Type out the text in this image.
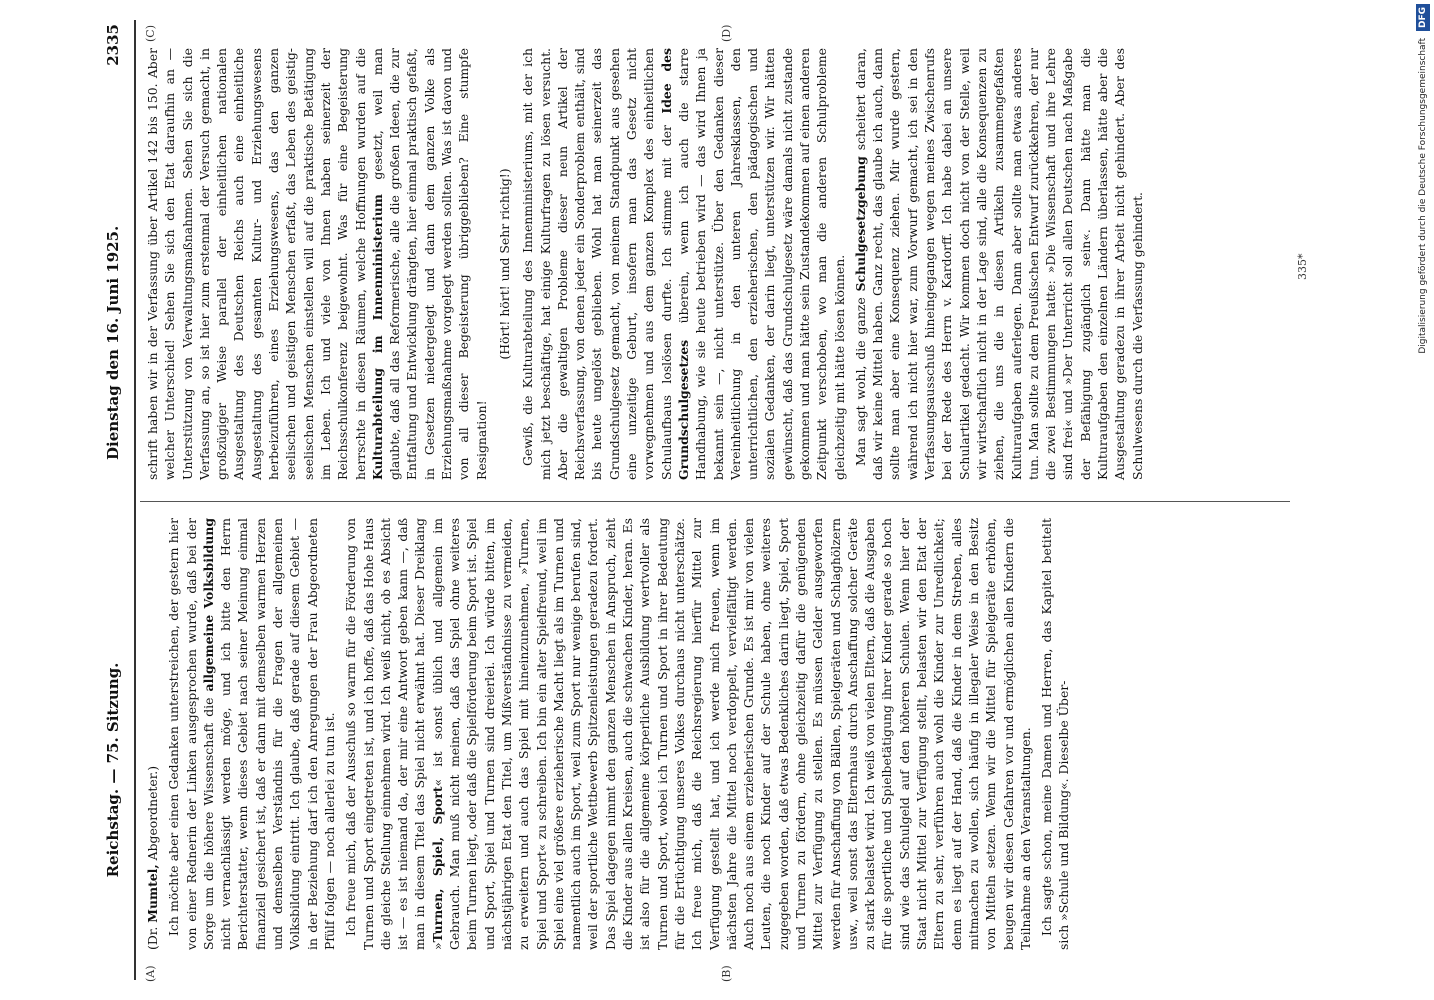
Reichstag. — 75. Sitzung.
Dienstag den 16. Juni 1925.
2335
(A)	(B)
(C)	(D)

(Dr. Mumtel, Abgeordneter.) Ich möchte aber einen Gedanken unterstreichen, der gestern hier von einer Rednerin der Linken ausgesprochen wurde, daß bei der Sorge um die höhere Wissenschaft die allgemeine Volksbildung nicht vernachlässigt werden möge, und ich bitte den Herrn Berichterstatter, wenn dieses Gebiet nach seiner Meinung einmal finanziell gesichert ist, daß er dann mit demselben warmen Herzen und demselben Verständnis für die Fragen der allgemeinen Volksbildung eintritt. Ich glaube, daß gerade auf diesem Gebiet — in der Beziehung darf ich den Anregungen der Frau Abgeordneten Pfülf folgen — noch allerlei zu tun ist. Ich freue mich, daß der Ausschuß so warm für die Förderung von Turnen und Sport eingetreten ist, und ich hoffe, daß das Hohe Haus die gleiche Stellung einnehmen wird. Ich weiß nicht, ob es Absicht ist — es ist niemand da, der mir eine Antwort geben kann —, daß man in diesem Titel das Spiel nicht erwähnt hat. Dieser Dreiklang »Turnen, Spiel, Sport« ist sonst üblich und allgemein im Gebrauch. Man muß nicht meinen, daß das Spiel ohne weiteres beim Turnen liegt, oder daß die Spielförderung beim Sport ist. Spiel und Sport, Spiel und Turnen sind dreierlei. Ich würde bitten, im nächstjährigen Etat den Titel, um Mißverständnisse zu vermeiden, zu erweitern und auch das Spiel mit hineinzunehmen, »Turnen, Spiel und Sport« zu schreiben. Ich bin ein alter Spielfreund, weil im Spiel eine viel größere erzieherische Macht liegt als im Turnen und namentlich auch im Sport, weil zum Sport nur wenige berufen sind, weil der sportliche Wettbewerb Spitzenleistungen geradezu fordert. Das Spiel dagegen nimmt den ganzen Menschen in Anspruch, zieht die Kinder aus allen Kreisen, auch die schwachen Kinder, heran. Es ist also für die allgemeine körperliche Ausbildung wertvoller als Turnen und Sport, wobei ich Turnen und Sport in ihrer Bedeutung für die Ertüchtigung unseres Volkes durchaus nicht unterschätze. Ich freue mich, daß die Reichsregierung hierfür Mittel zur Verfügung gestellt hat, und ich werde mich freuen, wenn im nächsten Jahre die Mittel noch verdoppelt, vervielfältigt werden. Auch noch aus einem erzieherischen Grunde. Es ist mir von vielen Leuten, die noch Kinder auf der Schule haben, ohne weiteres zugegeben worden, daß etwas Bedenkliches darin liegt, Spiel, Sport und Turnen zu fördern, ohne gleichzeitig dafür die genügenden Mittel zur Verfügung zu stellen. Es müssen Gelder ausgeworfen werden für Anschaffung von Bällen, Spielgeräten und Schlaghölzern usw., weil sonst das Elternhaus durch Anschaffung solcher Geräte zu stark belastet wird. Ich weiß von vielen Eltern, daß die Ausgaben für die sportliche und Spielbetätigung ihrer Kinder gerade so hoch sind wie das Schulgeld auf den höheren Schulen. Wenn hier der Staat nicht Mittel zur Verfügung stellt, belasten wir den Etat der Eltern zu sehr, verführen auch wohl die Kinder zur Unredlichkeit; denn es liegt auf der Hand, daß die Kinder in dem Streben, alles mitmachen zu wollen, sich häufig in illegaler Weise in den Besitz von Mitteln setzen. Wenn wir die Mittel für Spielgeräte erhöhen, beugen wir diesen Gefahren vor und ermöglichen allen Kindern die Teilnahme an den Veranstaltungen. Ich sagte schon, meine Damen und Herren, das Kapitel betitelt sich »Schule und Bildung«. Dieselbe Über-

schrift haben wir in der Verfassung über Artikel 142 bis 150. Aber welcher Unterschied! Sehen Sie sich den Etat daraufhin an — Unterstützung von Verwaltungsmaßnahmen. Sehen Sie sich die Verfassung an, so ist hier zum erstenmal der Versuch gemacht, in großzügiger Weise parallel der einheitlichen nationalen Ausgestaltung des Deutschen Reichs auch eine einheitliche Ausgestaltung des gesamten Kultur- und Erziehungswesens herbeizuführen, eines Erziehungswesens, das den ganzen seelischen und geistigen Menschen erfaßt, das Leben des geistig-seelischen Menschen einstellen will auf die praktische Betätigung im Leben. Ich und viele von Ihnen haben seinerzeit der Reichsschulkonferenz beigewohnt. Was für eine Begeisterung herrschte in diesen Räumen, welche Hoffnungen wurden auf die Kulturabteilung im Innenministerium gesetzt, weil man glaubte, daß all das Reformerische, alle die großen Ideen, die zur Entfaltung und Entwicklung drängten, hier einmal praktisch gefaßt, in Gesetzen niedergelegt und dann dem ganzen Volke als Erziehungsmaßnahme vorgelegt werden sollten. Was ist davon und von all dieser Begeisterung übriggeblieben? Eine stumpfe Resignation!

(Hört! hört! und Sehr richtig!) Gewiß, die Kulturabteilung des Innenministeriums, mit der ich mich jetzt beschäftige, hat einige Kulturfragen zu lösen versucht. Aber die gewaltigen Probleme dieser neun Artikel der Reichsverfassung, von denen jeder ein Sonderproblem enthält, sind bis heute ungelöst geblieben. Wohl hat man seinerzeit das Grundschulgesetz gemacht, von meinem Standpunkt aus gesehen eine unzeitige Geburt, insofern man das Gesetz nicht vorwegnehmen und aus dem ganzen Komplex des einheitlichen Schulaufbaus loslösen durfte. Ich stimme mit der Idee des Grundschulgesetzes überein, wenn ich auch die starre Handhabung, wie sie heute betrieben wird — das wird Ihnen ja bekannt sein —, nicht unterstütze. Über den Gedanken dieser Vereinheitlichung in den unteren Jahresklassen, den unterrichtlichen, den erzieherischen, den pädagogischen und sozialen Gedanken, der darin liegt, unterstützen wir. Wir hätten gewünscht, daß das Grundschulgesetz wäre damals nicht zustande gekommen und man hätte sein Zustandekommen auf einen anderen Zeitpunkt verschoben, wo man die anderen Schulprobleme gleichzeitig mit hätte lösen können. Man sagt wohl, die ganze Schulgesetzgebung scheitert daran, daß wir keine Mittel haben. Ganz recht, das glaube ich auch, dann sollte man aber eine Konsequenz ziehen. Mir wurde gestern, während ich nicht hier war, zum Vorwurf gemacht, ich sei in den Verfassungsausschuß hineingegangen wegen meines Zwischenrufs bei der Rede des Herrn v. Kardorff. Ich habe dabei an unsere Schulartikel gedacht. Wir kommen doch nicht von der Stelle, weil wir wirtschaftlich nicht in der Lage sind, alle die Konsequenzen zu ziehen, die uns die in diesen Artikeln zusammengefaßten Kulturaufgaben auferlegen. Dann aber sollte man etwas anderes tun. Man sollte zu dem Preußischen Entwurf zurückkehren, der nur die zwei Bestimmungen hatte: »Die Wissenschaft und ihre Lehre sind frei« und »Der Unterricht soll allen Deutschen nach Maßgabe der Befähigung zugänglich sein«. Dann hätte man die Kulturaufgaben den einzelnen Ländern überlassen, hätte aber die Ausgestaltung geradezu in ihrer Arbeit nicht gehindert. Aber des Schulwesens durch die Verfassung gehindert.	335*	Digitalisierung gefördert durch die Deutsche Forschungsgemeinschaft DFG
